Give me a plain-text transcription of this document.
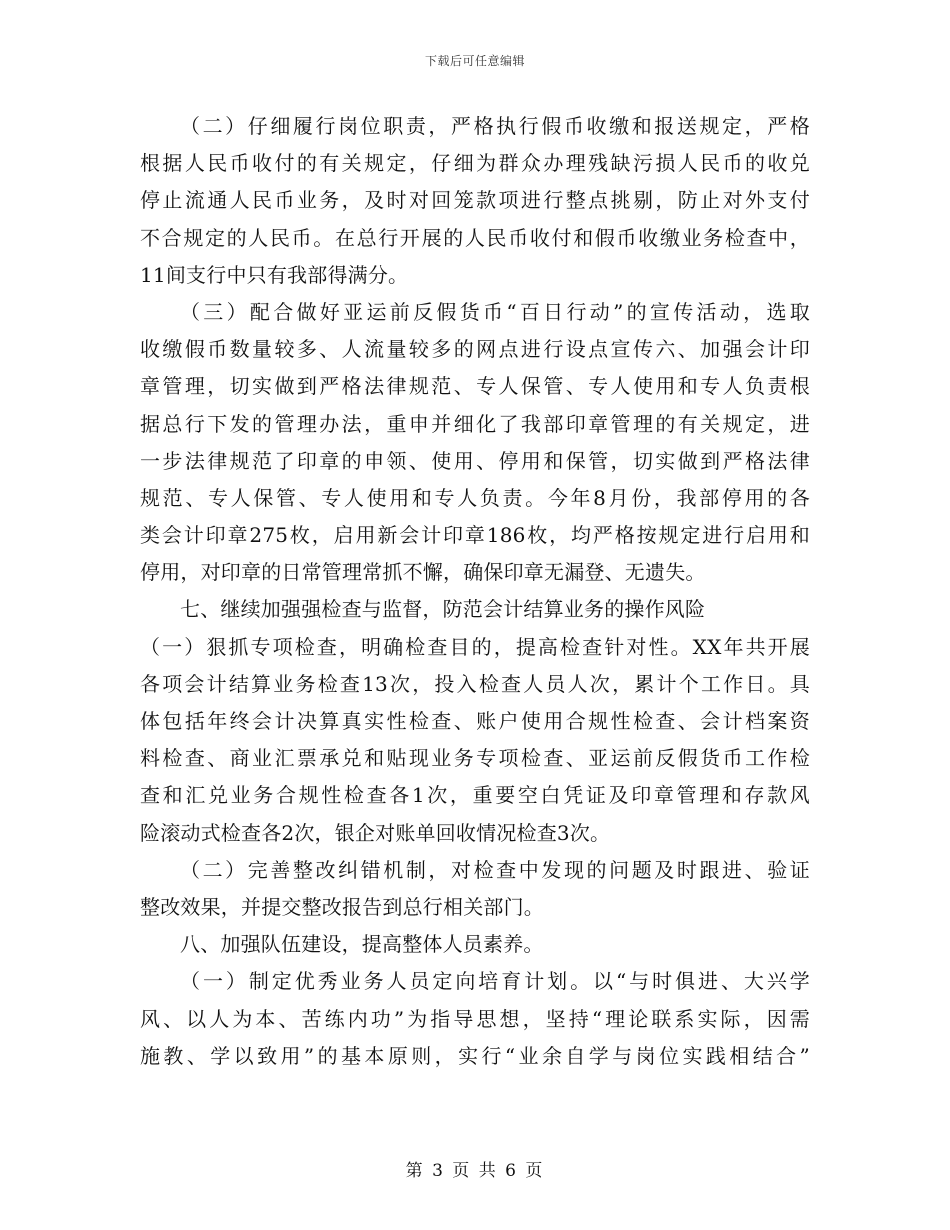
下载后可任意编辑
（二）仔细履行岗位职责，严格执行假币收缴和报送规定，严格
根据人民币收付的有关规定，仔细为群众办理残缺污损人民币的收兑
停止流通人民币业务，及时对回笼款项进行整点挑剔，防止对外支付
不合规定的人民币。在总行开展的人民币收付和假币收缴业务检查中，
11间支行中只有我部得满分。
（三）配合做好亚运前反假货币“百日行动”的宣传活动，选取
收缴假币数量较多、人流量较多的网点进行设点宣传六、加强会计印
章管理，切实做到严格法律规范、专人保管、专人使用和专人负责根
据总行下发的管理办法，重申并细化了我部印章管理的有关规定，进
一步法律规范了印章的申领、使用、停用和保管，切实做到严格法律
规范、专人保管、专人使用和专人负责。今年8月份，我部停用的各
类会计印章275枚，启用新会计印章186枚，均严格按规定进行启用和
停用，对印章的日常管理常抓不懈，确保印章无漏登、无遗失。
七、继续加强强检查与监督，防范会计结算业务的操作风险
（一）狠抓专项检查，明确检查目的，提高检查针对性。XX年共开展
各项会计结算业务检查13次，投入检查人员人次，累计个工作日。具
体包括年终会计决算真实性检查、账户使用合规性检查、会计档案资
料检查、商业汇票承兑和贴现业务专项检查、亚运前反假货币工作检
查和汇兑业务合规性检查各1次，重要空白凭证及印章管理和存款风
险滚动式检查各2次，银企对账单回收情况检查3次。
（二）完善整改纠错机制，对检查中发现的问题及时跟进、验证
整改效果，并提交整改报告到总行相关部门。
八、加强队伍建设，提高整体人员素养。
（一）制定优秀业务人员定向培育计划。以“与时俱进、大兴学
风、以人为本、苦练内功”为指导思想，坚持“理论联系实际，因需
施教、学以致用”的基本原则，实行“业余自学与岗位实践相结合”
第 3 页 共 6 页
